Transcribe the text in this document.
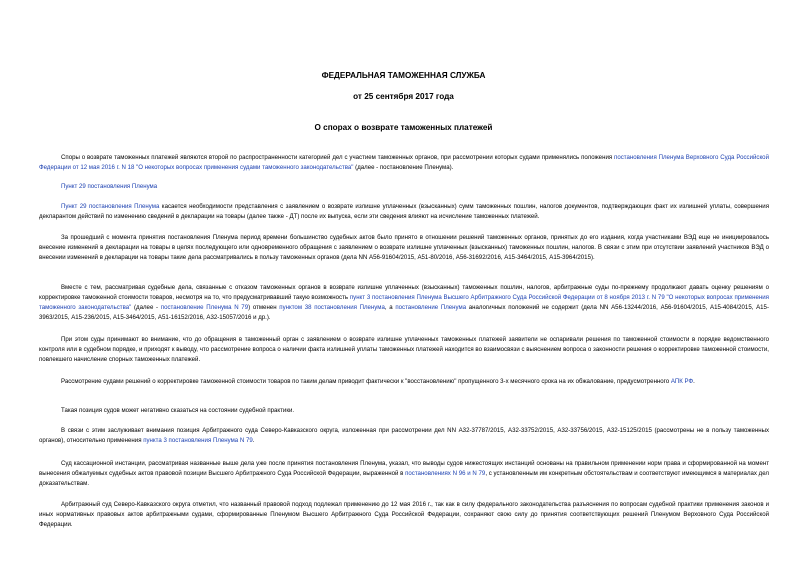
ФЕДЕРАЛЬНАЯ ТАМОЖЕННАЯ СЛУЖБА
от 25 сентября 2017 года
О спорах о возврате таможенных платежей

Споры о возврате таможенных платежей являются второй по распространенности категорией дел с участием таможенных органов, при рассмотрении которых судами применялись положения постановления Пленума Верховного Суда Российской Федерации от 12 мая 2016 г. N 18 "О некоторых вопросах применения судами таможенного законодательства" (далее - постановление Пленума).

Пункт 29 постановления Пленума

Пункт 29 постановления Пленума касается необходимости представления с заявлением о возврате излишне уплаченных (взысканных) сумм таможенных пошлин, налогов документов, подтверждающих факт их излишней уплаты, совершения декларантом действий по изменению сведений в декларации на товары (далее также - ДТ) после их выпуска, если эти сведения влияют на исчисление таможенных платежей.

За прошедший с момента принятия постановления Пленума период времени большинство судебных актов было принято в отношении решений таможенных органов, принятых до его издания, когда участниками ВЭД еще не инициировалось внесение изменений в декларации на товары в целях последующего или одновременного обращения с заявлением о возврате излишне уплаченных (взысканных) таможенных пошлин, налогов. В связи с этим при отсутствии заявлений участников ВЭД о внесении изменений в декларации на товары такие дела рассматривались в пользу таможенных органов (дела NN А56-91604/2015, А51-80/2016, А56-31692/2016, А15-3464/2015, А15-3964/2015).

Вместе с тем, рассматривая судебные дела, связанные с отказом таможенных органов в возврате излишне уплаченных (взысканных) таможенных пошлин, налогов, арбитражные суды по-прежнему продолжают давать оценку решениям о корректировке таможенной стоимости товаров, несмотря на то, что предусматривавший такую возможность пункт 3 постановления Пленума Высшего Арбитражного Суда Российской Федерации от 8 ноября 2013 г. N 79 "О некоторых вопросах применения таможенного законодательства" (далее - постановление Пленума N 79) отменен пунктом 38 постановления Пленума, а постановление Пленума аналогичных положений не содержит (дела NN А56-13244/2016, А56-91604/2015, А15-4084/2015, А15-3963/2015, А15-236/2015, А15-3464/2015, А51-16152/2016, А32-15057/2016 и др.).

При этом суды принимают во внимание, что до обращения в таможенный орган с заявлением о возврате излишне уплаченных таможенных платежей заявители не оспаривали решения по таможенной стоимости в порядке ведомственного контроля или в судебном порядке, и приходят к выводу, что рассмотрение вопроса о наличии факта излишней уплаты таможенных платежей находится во взаимосвязи с выяснением вопроса о законности решения о корректировке таможенной стоимости, повлекшего начисление спорных таможенных платежей.

Рассмотрение судами решений о корректировке таможенной стоимости товаров по таким делам приводит фактически к "восстановлению" пропущенного 3-х месячного срока на их обжалование, предусмотренного АПК РФ.

Такая позиция судов может негативно сказаться на состоянии судебной практики.

В связи с этим заслуживает внимания позиция Арбитражного суда Северо-Кавказского округа, изложенная при рассмотрении дел NN А32-37787/2015, А32-33752/2015, А32-33756/2015, А32-15125/2015 (рассмотрены не в пользу таможенных органов), относительно применения пункта 3 постановления Пленума N 79.

Суд кассационной инстанции, рассматривая названные выше дела уже после принятия постановления Пленума, указал, что выводы судов нижестоящих инстанций основаны на правильном применении норм права и сформированной на момент вынесения обжалуемых судебных актов правовой позиции Высшего Арбитражного Суда Российской Федерации, выраженной в постановлениях N 96 и N 79, с установленным им конкретным обстоятельствам и соответствуют имеющимся в материалах дел доказательствам.

Арбитражный суд Северо-Кавказского округа отметил, что названный правовой подход подлежал применению до 12 мая 2016 г., так как в силу федерального законодательства разъяснения по вопросам судебной практики применения законов и иных нормативных правовых актов арбитражными судами, сформированные Пленумом Высшего Арбитражного Суда Российской Федерации, сохраняют свою силу до принятия соответствующих решений Пленумом Верховного Суда Российской Федерации.
